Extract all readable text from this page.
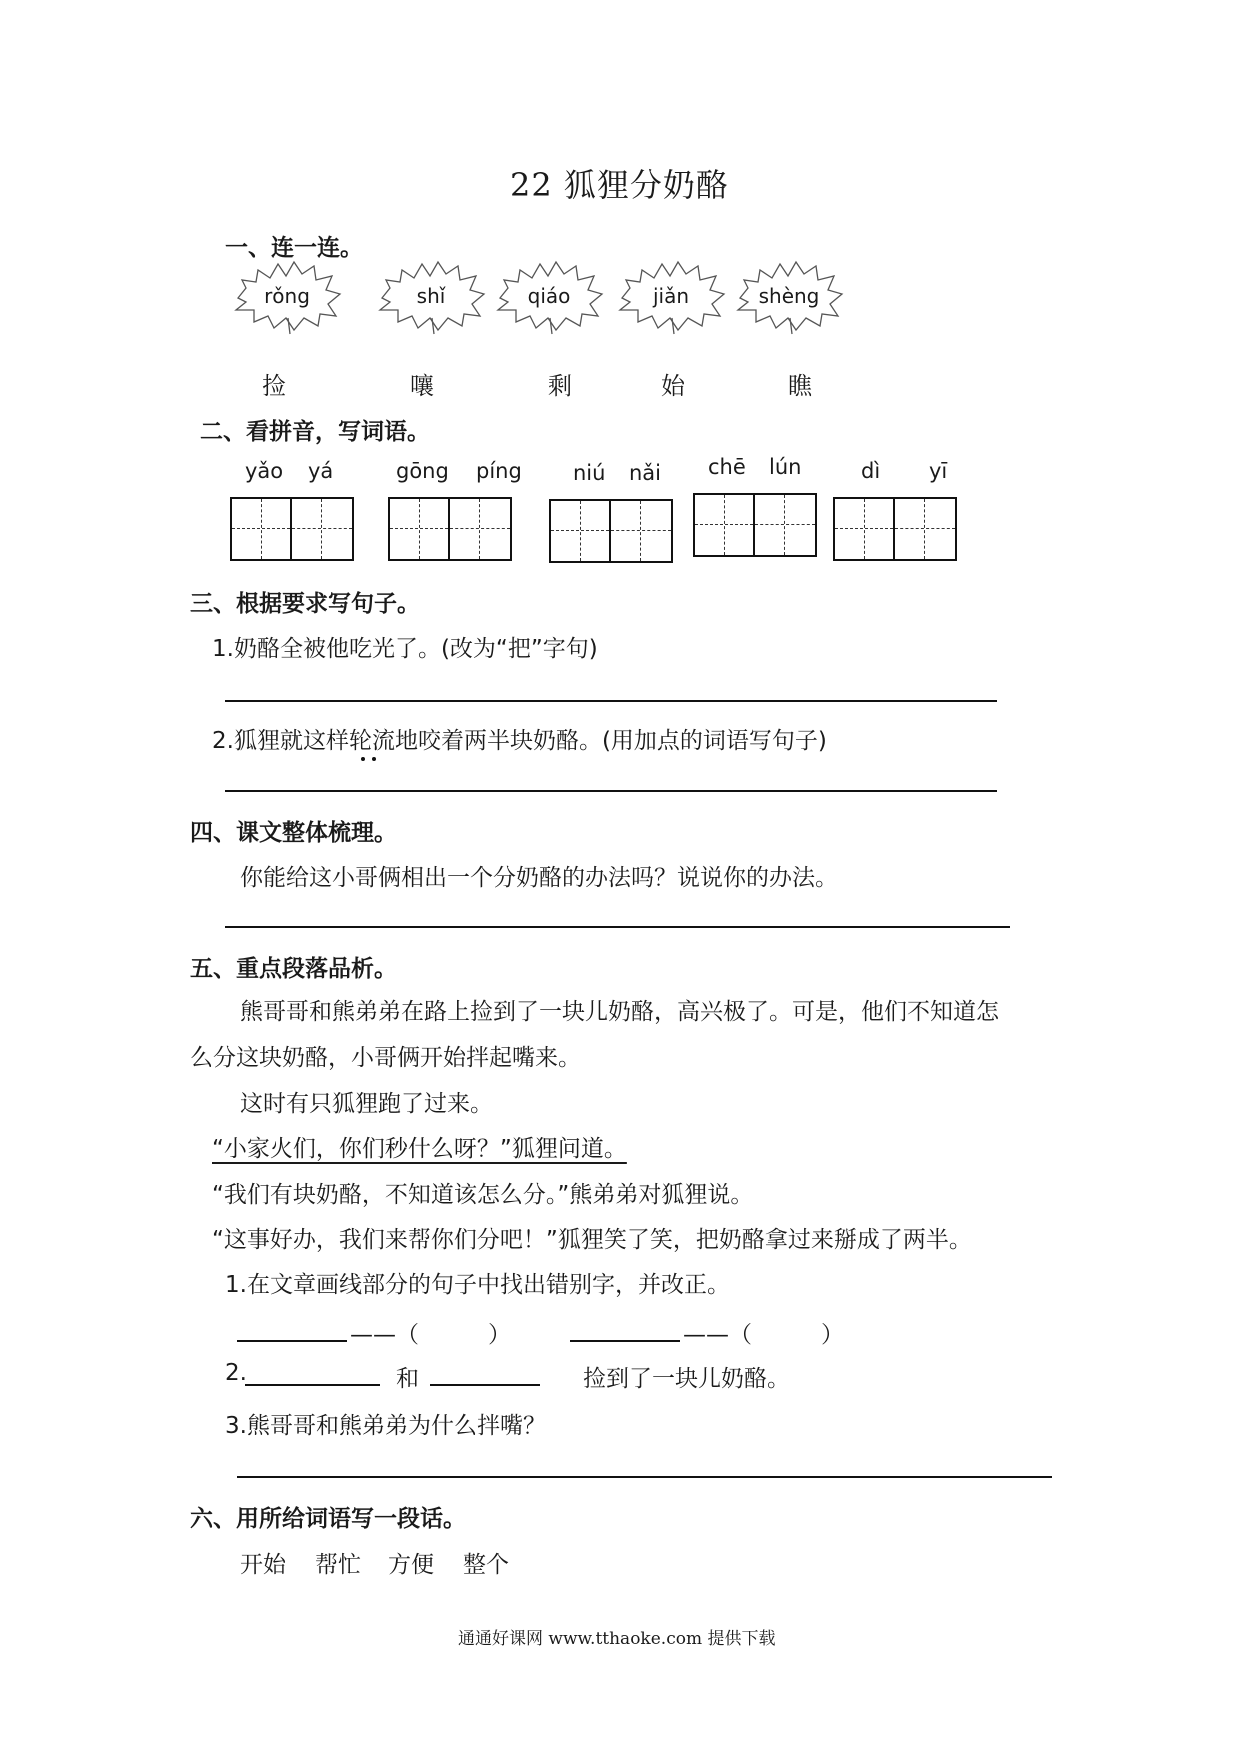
22 狐狸分奶酪
一、连一连。
rǒng	shǐ	qiáo	jiǎn	shèng
捡	嚷	剩	始	瞧
二、看拼音，写词语。
yǎo yá	gōng píng niú nǎi chē lún	dì yī
三、根据要求写句子。
1.奶酪全被他吃光了。(改为“把”字句)
2.狐狸就这样轮流地咬着两半块奶酪。(用加点的词语写句子)
四、课文整体梳理。
你能给这小哥俩相出一个分奶酪的办法吗？说说你的办法。
五、重点段落品析。
熊哥哥和熊弟弟在路上捡到了一块儿奶酪，高兴极了。可是，他们不知道怎
么分这块奶酪，小哥俩开始拌起嘴来。
这时有只狐狸跑了过来。
“小家火们，你们秒什么呀？”狐狸问道。
“我们有块奶酪，不知道该怎么分。”熊弟弟对狐狸说。
“这事好办，我们来帮你们分吧！”狐狸笑了笑，把奶酪拿过来掰成了两半。
1.在文章画线部分的句子中找出错别字，并改正。
——（　　　）	——（　　　）
2.	和	捡到了一块儿奶酪。
3.熊哥哥和熊弟弟为什么拌嘴？
六、用所给词语写一段话。
开始 帮忙 方便 整个
通通好课网 www.tthaoke.com 提供下载
